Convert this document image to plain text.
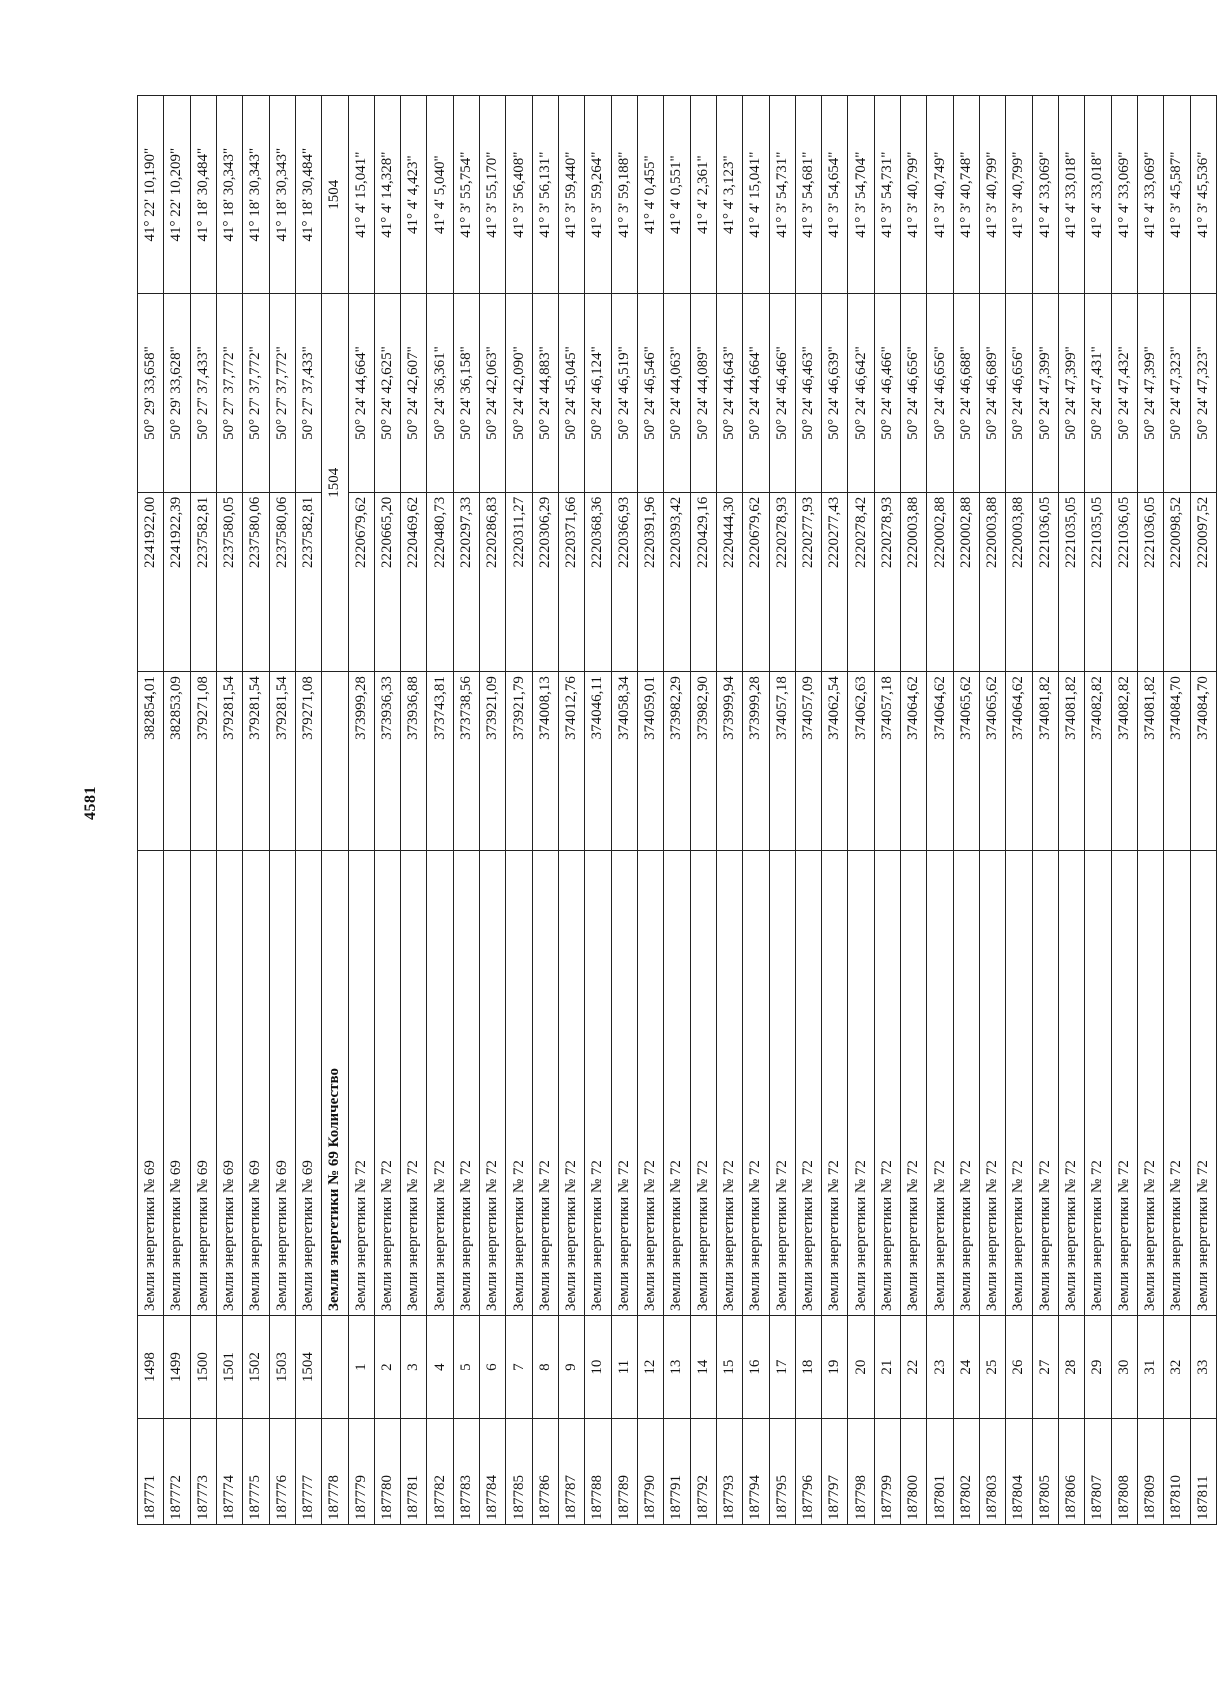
4581
187771	1498	Земли энергетики № 69	382854,01	2241922,00	50° 29' 33,658"	41° 22' 10,190"
187772	1499	Земли энергетики № 69	382853,09	2241922,39	50° 29' 33,628"	41° 22' 10,209"
187773	1500	Земли энергетики № 69	379271,08	2237582,81	50° 27' 37,433"	41° 18' 30,484"
187774	1501	Земли энергетики № 69	379281,54	2237580,05	50° 27' 37,772"	41° 18' 30,343"
187775	1502	Земли энергетики № 69	379281,54	2237580,06	50° 27' 37,772"	41° 18' 30,343"
187776	1503	Земли энергетики № 69	379281,54	2237580,06	50° 27' 37,772"	41° 18' 30,343"
187777	1504	Земли энергетики № 69	379271,08	2237582,81	50° 27' 37,433"	41° 18' 30,484"
187778		Земли энергетики № 69 Количество		1504		1504
187779	1	Земли энергетики № 72	373999,28	2220679,62	50° 24' 44,664"	41° 4' 15,041"
187780	2	Земли энергетики № 72	373936,33	2220665,20	50° 24' 42,625"	41° 4' 14,328"
187781	3	Земли энергетики № 72	373936,88	2220469,62	50° 24' 42,607"	41° 4' 4,423"
187782	4	Земли энергетики № 72	373743,81	2220480,73	50° 24' 36,361"	41° 4' 5,040"
187783	5	Земли энергетики № 72	373738,56	2220297,33	50° 24' 36,158"	41° 3' 55,754"
187784	6	Земли энергетики № 72	373921,09	2220286,83	50° 24' 42,063"	41° 3' 55,170"
187785	7	Земли энергетики № 72	373921,79	2220311,27	50° 24' 42,090"	41° 3' 56,408"
187786	8	Земли энергетики № 72	374008,13	2220306,29	50° 24' 44,883"	41° 3' 56,131"
187787	9	Земли энергетики № 72	374012,76	2220371,66	50° 24' 45,045"	41° 3' 59,440"
187788	10	Земли энергетики № 72	374046,11	2220368,36	50° 24' 46,124"	41° 3' 59,264"
187789	11	Земли энергетики № 72	374058,34	2220366,93	50° 24' 46,519"	41° 3' 59,188"
187790	12	Земли энергетики № 72	374059,01	2220391,96	50° 24' 46,546"	41° 4' 0,455"
187791	13	Земли энергетики № 72	373982,29	2220393,42	50° 24' 44,063"	41° 4' 0,551"
187792	14	Земли энергетики № 72	373982,90	2220429,16	50° 24' 44,089"	41° 4' 2,361"
187793	15	Земли энергетики № 72	373999,94	2220444,30	50° 24' 44,643"	41° 4' 3,123"
187794	16	Земли энергетики № 72	373999,28	2220679,62	50° 24' 44,664"	41° 4' 15,041"
187795	17	Земли энергетики № 72	374057,18	2220278,93	50° 24' 46,466"	41° 3' 54,731"
187796	18	Земли энергетики № 72	374057,09	2220277,93	50° 24' 46,463"	41° 3' 54,681"
187797	19	Земли энергетики № 72	374062,54	2220277,43	50° 24' 46,639"	41° 3' 54,654"
187798	20	Земли энергетики № 72	374062,63	2220278,42	50° 24' 46,642"	41° 3' 54,704"
187799	21	Земли энергетики № 72	374057,18	2220278,93	50° 24' 46,466"	41° 3' 54,731"
187800	22	Земли энергетики № 72	374064,62	2220003,88	50° 24' 46,656"	41° 3' 40,799"
187801	23	Земли энергетики № 72	374064,62	2220002,88	50° 24' 46,656"	41° 3' 40,749"
187802	24	Земли энергетики № 72	374065,62	2220002,88	50° 24' 46,688"	41° 3' 40,748"
187803	25	Земли энергетики № 72	374065,62	2220003,88	50° 24' 46,689"	41° 3' 40,799"
187804	26	Земли энергетики № 72	374064,62	2220003,88	50° 24' 46,656"	41° 3' 40,799"
187805	27	Земли энергетики № 72	374081,82	2221036,05	50° 24' 47,399"	41° 4' 33,069"
187806	28	Земли энергетики № 72	374081,82	2221035,05	50° 24' 47,399"	41° 4' 33,018"
187807	29	Земли энергетики № 72	374082,82	2221035,05	50° 24' 47,431"	41° 4' 33,018"
187808	30	Земли энергетики № 72	374082,82	2221036,05	50° 24' 47,432"	41° 4' 33,069"
187809	31	Земли энергетики № 72	374081,82	2221036,05	50° 24' 47,399"	41° 4' 33,069"
187810	32	Земли энергетики № 72	374084,70	2220098,52	50° 24' 47,323"	41° 3' 45,587"
187811	33	Земли энергетики № 72	374084,70	2220097,52	50° 24' 47,323"	41° 3' 45,536"
